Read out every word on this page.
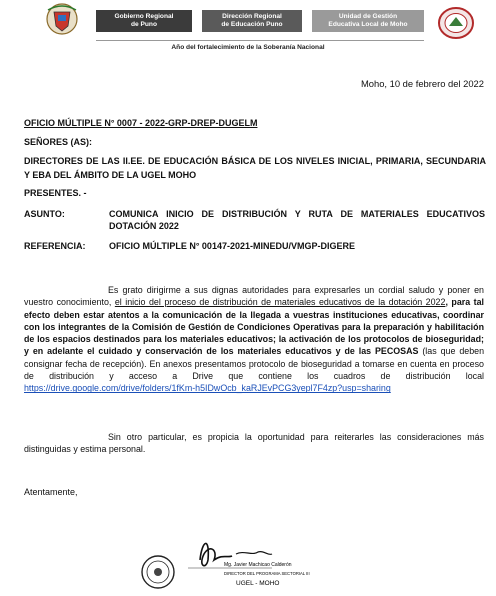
Gobierno Regional
de Puno
Dirección Regional
de Educación Puno
Unidad de Gestión
Educativa Local de Moho
Año del fortalecimiento de la Soberanía Nacional
Moho, 10 de febrero del 2022
OFICIO MÚLTIPLE N° 0007 - 2022-GRP-DREP-DUGELM
SEÑORES (AS):
DIRECTORES DE LAS II.EE. DE EDUCACIÓN BÁSICA DE LOS NIVELES INICIAL, PRIMARIA, SECUNDARIA Y EBA DEL ÁMBITO DE LA UGEL MOHO
PRESENTES. -
ASUNTO:	COMUNICA INICIO DE DISTRIBUCIÓN Y RUTA DE MATERIALES EDUCATIVOS DOTACIÓN 2022
REFERENCIA:	OFICIO MÚLTIPLE N° 00147-2021-MINEDU/VMGP-DIGERE
Es grato dirigirme a sus dignas autoridades para expresarles un cordial saludo y poner en vuestro conocimiento, el inicio del proceso de distribución de materiales educativos de la dotación 2022, para tal efecto deben estar atentos a la comunicación de la llegada a vuestras instituciones educativas, coordinar con los integrantes de la Comisión de Gestión de Condiciones Operativas para la preparación y habilitación de los espacios destinados para los materiales educativos; la activación de los protocolos de bioseguridad; y en adelante el cuidado y conservación de los materiales educativos y de las PECOSAS (las que deben consignar fecha de recepción). En anexos presentamos protocolo de bioseguridad a tomarse en cuenta en proceso de distribución y acceso a Drive que contiene los cuadros de distribución local https://drive.google.com/drive/folders/1fKm-h5IDwOcb_kaRJEvPCG3yepl7F4zp?usp=sharing
Sin otro particular, es propicia la oportunidad para reiterarles las consideraciones más distinguidas y estima personal.
Atentamente,
Mg. Javier Machicao Calderón
DIRECTOR DEL PROGRAMA SECTORIAL III
UGEL - MOHO
